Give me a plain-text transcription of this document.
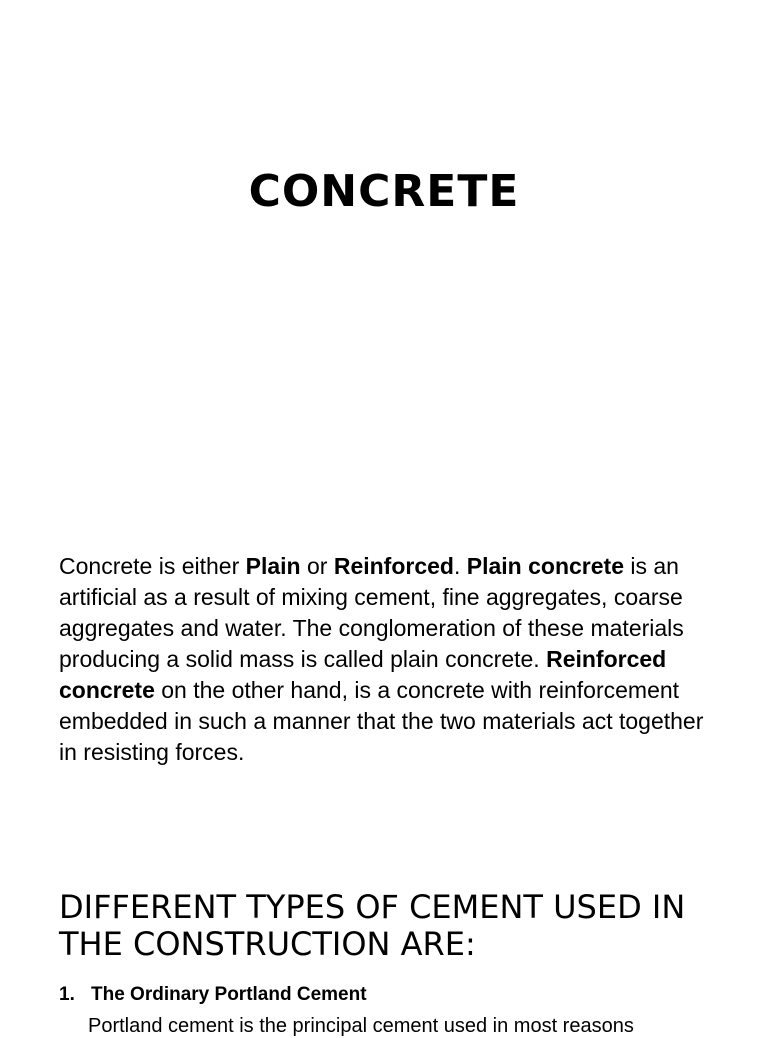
CONCRETE

Concrete is either Plain or Reinforced. Plain concrete is an artificial as a result of mixing cement, fine aggregates, coarse aggregates and water. The conglomeration of these materials producing a solid mass is called plain concrete. Reinforced concrete on the other hand, is a concrete with reinforcement embedded in such a manner that the two materials act together in resisting forces.

DIFFERENT TYPES OF CEMENT USED IN THE CONSTRUCTION ARE:
1. The Ordinary Portland Cement

Portland cement is the principal cement used in most reasons
